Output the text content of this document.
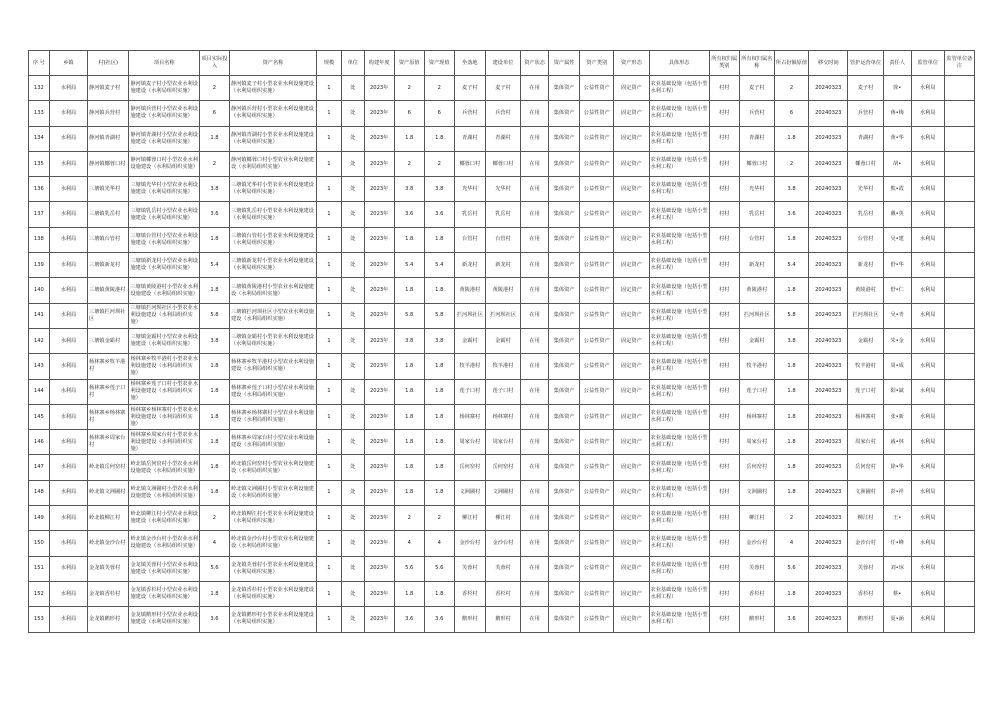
序 号	乡镇	村(社区)	项目名称	项目实际投入	资产名称	规模	单位	构建年度	资产原值	资产现值	坐落地	建设单位	资产状态	资产属性	资产类别	资产形态	具体形态	所有权归属类别	所有权归属名称	所占份额原值	移交时间	管护运营单位	责任人	监管单位	监管单位备注
132	水利局	静河镇麦子村	静河镇麦子村小型农业水利设施建设（水利局组织实施）	2	静河镇麦子村小型农业水利设施建设（水利局组织实施）	1	处	2023年	2	2	麦子村	麦子村	在用	集体资产	公益性资产	固定资产	农业基础设施（包括小型水利工程）	村村	麦子村	2	20240323	麦子村	徐•	水利局	
133	水利局	静河镇兵营村	静河镇兵营村小型农业水利设施建设（水利局组织实施）	6	静河镇兵营村小型农业水利设施建设（水利局组织实施）	1	处	2023年	6	6	兵营村	兵营村	在用	集体资产	公益性资产	固定资产	农业基础设施（包括小型水利工程）	村村	兵营村	6	20240323	兵营村	蒋•梅	水利局	
134	水利局	静河镇青湖村	静河镇青湖村小型农业水利设施建设（水利局组织实施）	1.8	静河镇青湖村小型农业水利设施建设（水利局组织实施）	1	处	2023年	1.8	1.8	青湖村	青湖村	在用	集体资产	公益性资产	固定资产	农业基础设施（包括小型水利工程）	村村	青湖村	1.8	20240323	青湖村	黄•华	水利局	
135	水利局	静河镇椰蓉口村	静河镇椰蓉口村小型农业水利设施建设（水利局组织实施）	2	静河镇椰蓉口村小型农业水利设施建设（水利局组织实施）	1	处	2023年	2	2	椰蓉口村	椰蓉口村	在用	集体资产	公益性资产	固定资产	农业基础设施（包括小型水利工程）	村村	椰蓉口村	2	20240323	椰蓉口村	胡•	水利局	
136	水利局	三塘镇光华村	三塘镇光华村小型农业水利设施建设（水利局组织实施）	3.8	三塘镇光华村小型农业水利设施建设（水利局组织实施）	1	处	2023年	3.8	3.8	光华村	光华村	在用	集体资产	公益性资产	固定资产	农业基础设施（包括小型水利工程）	村村	光华村	3.8	20240323	光华村	熊•霞	水利局	
137	水利局	三塘镇乳岳村	三塘镇乳岳村小型农业水利设施建设（水利局组织实施）	3.6	三塘镇乳岳村小型农业水利设施建设（水利局组织实施）	1	处	2023年	3.6	3.6	乳岳村	乳岳村	在用	集体资产	公益性资产	固定资产	农业基础设施（包括小型水利工程）	村村	乳岳村	3.6	20240323	乳岳村	戴•英	水利局	
138	水利局	三塘镇台管村	三塘镇台管村小型农业水利设施建设（水利局组织实施）	1.8	三塘镇台管村小型农业水利设施建设（水利局组织实施）	1	处	2023年	1.8	1.8	台管村	台管村	在用	集体资产	公益性资产	固定资产	农业基础设施（包括小型水利工程）	村村	台管村	1.8	20240323	台管村	吴•建	水利局	
139	水利局	三塘镇新龙村	三塘镇新龙村小型农业水利设施建设（水利局组织实施）	5.4	三塘镇新龙村小型农业水利设施建设（水利局组织实施）	1	处	2023年	5.4	5.4	新龙村	新龙村	在用	集体资产	公益性资产	固定资产	农业基础设施（包括小型水利工程）	村村	新龙村	5.4	20240323	新龙村	舒•华	水利局	
140	水利局	三塘镇黄陵港村	三塘镇黄陵港村小型农业水利设施建设（水利局组织实施）	1.8	三塘镇黄陵港村小型农业水利设施建设（水利局组织实施）	1	处	2023年	1.8	1.8	黄陵港村	黄陵港村	在用	集体资产	公益性资产	固定资产	农业基础设施（包括小型水利工程）	村村	黄陵港村	1.8	20240323	黄陵港村	舒•仁	水利局	
141	水利局	三塘镇拦河坝社区	三塘镇拦河坝社区小型农业水利设施建设（水利局组织实施）	5.8	三塘镇拦河坝社区小型农业水利设施建设（水利局组织实施）	1	处	2023年	5.8	5.8	拦河坝社区	拦河坝社区	在用	集体资产	公益性资产	固定资产	农业基础设施（包括小型水利工程）	村村	拦河坝社区	5.8	20240323	拦河坝社区	吴•青	水利局	
142	水利局	三塘镇金霸村	三塘镇金霸村小型农业水利设施建设（水利局组织实施）	3.8	三塘镇金霸村小型农业水利设施建设（水利局组织实施）	1	处	2023年	3.8	3.8	金霸村	金霸村	在用	集体资产	公益性资产	固定资产	农业基础设施（包括小型水利工程）	村村	金霸村	3.8	20240323	金霸村	朱•金	水利局	
143	水利局	杨林寨乡牧羊港村	杨林寨乡牧羊港村小型农业水利设施建设（水利局组织实施）	1.8	杨林寨乡牧羊港村小型农业水利设施建设（水利局组织实施）	1	处	2023年	1.8	1.8	牧羊港村	牧羊港村	在用	集体资产	公益性资产	固定资产	农业基础设施（包括小型水利工程）	村村	牧羊港村	1.8	20240323	牧羊港村	周•成	水利局	
144	水利局	杨林寨乡莲子口村	杨林寨乡莲子口村小型农业水利设施建设（水利局组织实施）	1.8	杨林寨乡莲子口村小型农业水利设施建设（水利局组织实施）	1	处	2023年	1.8	1.8	莲子口村	莲子口村	在用	集体资产	公益性资产	固定资产	农业基础设施（包括小型水利工程）	村村	莲子口村	1.8	20240323	莲子口村	阳•斌	水利局	
145	水利局	杨林寨乡杨林寨村	杨林寨乡杨林寨村小型农业水利设施建设（水利局组织实施）	1.8	杨林寨乡杨林寨村小型农业水利设施建设（水利局组织实施）	1	处	2023年	1.8	1.8	杨林寨村	杨林寨村	在用	集体资产	公益性资产	固定资产	农业基础设施（包括小型水利工程）	村村	杨林寨村	1.8	20240323	杨林寨村	张•新	水利局	
146	水利局	杨林寨乡周家台村	杨林寨乡周家台村小型农业水利设施建设（水利局组织实施）	1.8	杨林寨乡周家台村小型农业水利设施建设（水利局组织实施）	1	处	2023年	1.8	1.8	周家台村	周家台村	在用	集体资产	公益性资产	固定资产	农业基础设施（包括小型水利工程）	村村	周家台村	1.8	20240323	周家台村	戚•林	水利局	
147	水利局	岭北镇岳何窑村	岭北镇岳何窑村小型农业水利设施建设（水利局组织实施）	1.8	岭北镇岳何窑村小型农业水利设施建设（水利局组织实施）	1	处	2023年	1.8	1.8	岳何窑村	岳何窑村	在用	集体资产	公益性资产	固定资产	农业基础设施（包括小型水利工程）	村村	岳何窑村	1.8	20240323	岳何窑村	徐•华	水利局	
148	水利局	岭北镇文洲圃村	岭北镇文洲圃村小型农业水利设施建设（水利局组织实施）	1.8	岭北镇文洲圃村小型农业水利设施建设（水利局组织实施）	1	处	2023年	1.8	1.8	文洲圃村	文洲圃村	在用	集体资产	公益性资产	固定资产	农业基础设施（包括小型水利工程）	村村	文洲圃村	1.8	20240323	文洲圃村	彭•祥	水利局	
149	水利局	岭北镇柳江村	岭北镇柳江村小型农业水利设施建设（水利局组织实施）	2	岭北镇柳江村小型农业水利设施建设（水利局组织实施）	1	处	2023年	2	2	柳江村	柳江村	在用	集体资产	公益性资产	固定资产	农业基础设施（包括小型水利工程）	村村	柳江村	2	20240323	柳江村	王•	水利局	
150	水利局	岭北镇金沙台村	岭北镇金沙台村小型农业水利设施建设（水利局组织实施）	4	岭北镇金沙台村小型农业水利设施建设（水利局组织实施）	1	处	2023年	4	4	金沙台村	金沙台村	在用	集体资产	公益性资产	固定资产	农业基础设施（包括小型水利工程）	村村	金沙台村	4	20240323	金沙台村	任•峰	水利局	
151	水利局	金龙镇芙蓉村	金龙镇芙蓉村小型农业水利设施建设（水利局组织实施）	5.6	金龙镇芙蓉村小型农业水利设施建设（水利局组织实施）	1	处	2023年	5.6	5.6	芙蓉村	芙蓉村	在用	集体资产	公益性资产	固定资产	农业基础设施（包括小型水利工程）	村村	芙蓉村	5.6	20240323	芙蓉村	刘•琼	水利局	
152	水利局	金龙镇香杉村	金龙镇香杉村小型农业水利设施建设（水利局组织实施）	1.8	金龙镇香杉村小型农业水利设施建设（水利局组织实施）	1	处	2023年	1.8	1.8	香杉村	香杉村	在用	集体资产	公益性资产	固定资产	农业基础设施（包括小型水利工程）	村村	香杉村	1.8	20240323	香杉村	蔡•	水利局	
153	水利局	金龙镇鹅形村	金龙镇鹅形村小型农业水利设施建设（水利局组织实施）	3.6	金龙镇鹅形村小型农业水利设施建设（水利局组织实施）	1	处	2023年	3.6	3.6	鹅形村	鹅形村	在用	集体资产	公益性资产	固定资产	农业基础设施（包括小型水利工程）	村村	鹅形村	3.6	20240323	鹅形村	夏•涵	水利局	
